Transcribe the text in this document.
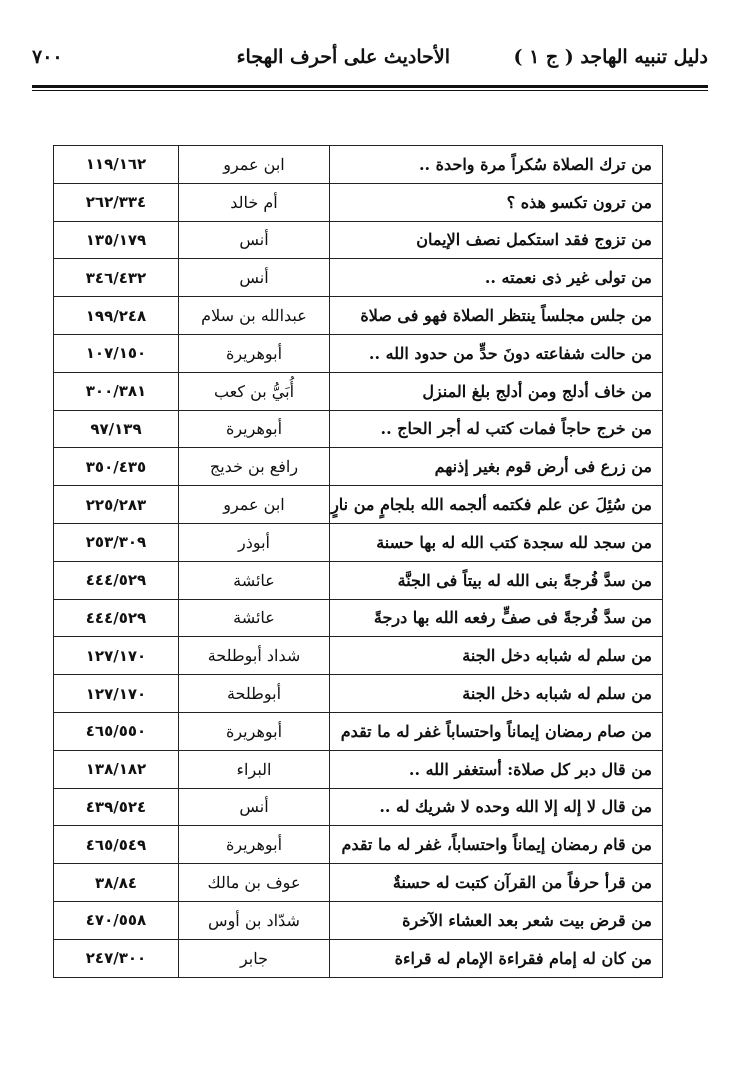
دليل تنبيه الهاجد ( ج ١ )
الأحاديث على أحرف الهجاء
٧٠٠
من ترك الصلاة سُكراً مرة واحدة ..	ابن عمرو	١١٩/١٦٢
من ترون تكسو هذه ؟	أم خالد	٢٦٢/٣٣٤
من تزوج فقد استكمل نصف الإيمان	أنس	١٣٥/١٧٩
من تولى غير ذى نعمته ..	أنس	٣٤٦/٤٣٢
من جلس مجلساً ينتظر الصلاة فهو فى صلاة	عبدالله بن سلام	١٩٩/٢٤٨
من حالت شفاعته دونَ حدٍّ من حدود الله ..	أبوهريرة	١٠٧/١٥٠
من خاف أدلج ومن أدلج بلغ المنزل	أُبَيُّ بن كعب	٣٠٠/٣٨١
من خرج حاجاً فمات كتب له أجر الحاج ..	أبوهريرة	٩٧/١٣٩
من زرع فى أرض قوم بغير إذنهم	رافع بن خديج	٣٥٠/٤٣٥
من سُئِلَ عن علم فكتمه ألجمه الله بلجامٍ من نارٍ	ابن عمرو	٢٢٥/٢٨٣
من سجد لله سجدة كتب الله له بها حسنة	أبوذر	٢٥٣/٣٠٩
من سدَّ فُرجةً بنى الله له بيتاً فى الجنَّة	عائشة	٤٤٤/٥٢٩
من سدَّ فُرجةً فى صفٍّ رفعه الله بها درجةً	عائشة	٤٤٤/٥٢٩
من سلم له شبابه دخل الجنة	شداد أبوطلحة	١٢٧/١٧٠
من سلم له شبابه دخل الجنة	أبوطلحة	١٢٧/١٧٠
من صام رمضان إيماناً واحتساباً غفر له ما تقدم	أبوهريرة	٤٦٥/٥٥٠
من قال دبر كل صلاة: أستغفر الله ..	البراء	١٣٨/١٨٢
من قال لا إله إلا الله وحده لا شريك له ..	أنس	٤٣٩/٥٢٤
من قام رمضان إيماناً واحتساباً، غفر له ما تقدم	أبوهريرة	٤٦٥/٥٤٩
من قرأ حرفاً من القرآن كتبت له حسنةٌ	عوف بن مالك	٣٨/٨٤
من قرض بيت شعر بعد العشاء الآخرة	شدّاد بن أوس	٤٧٠/٥٥٨
من كان له إمام فقراءة الإمام له قراءة	جابر	٢٤٧/٣٠٠
